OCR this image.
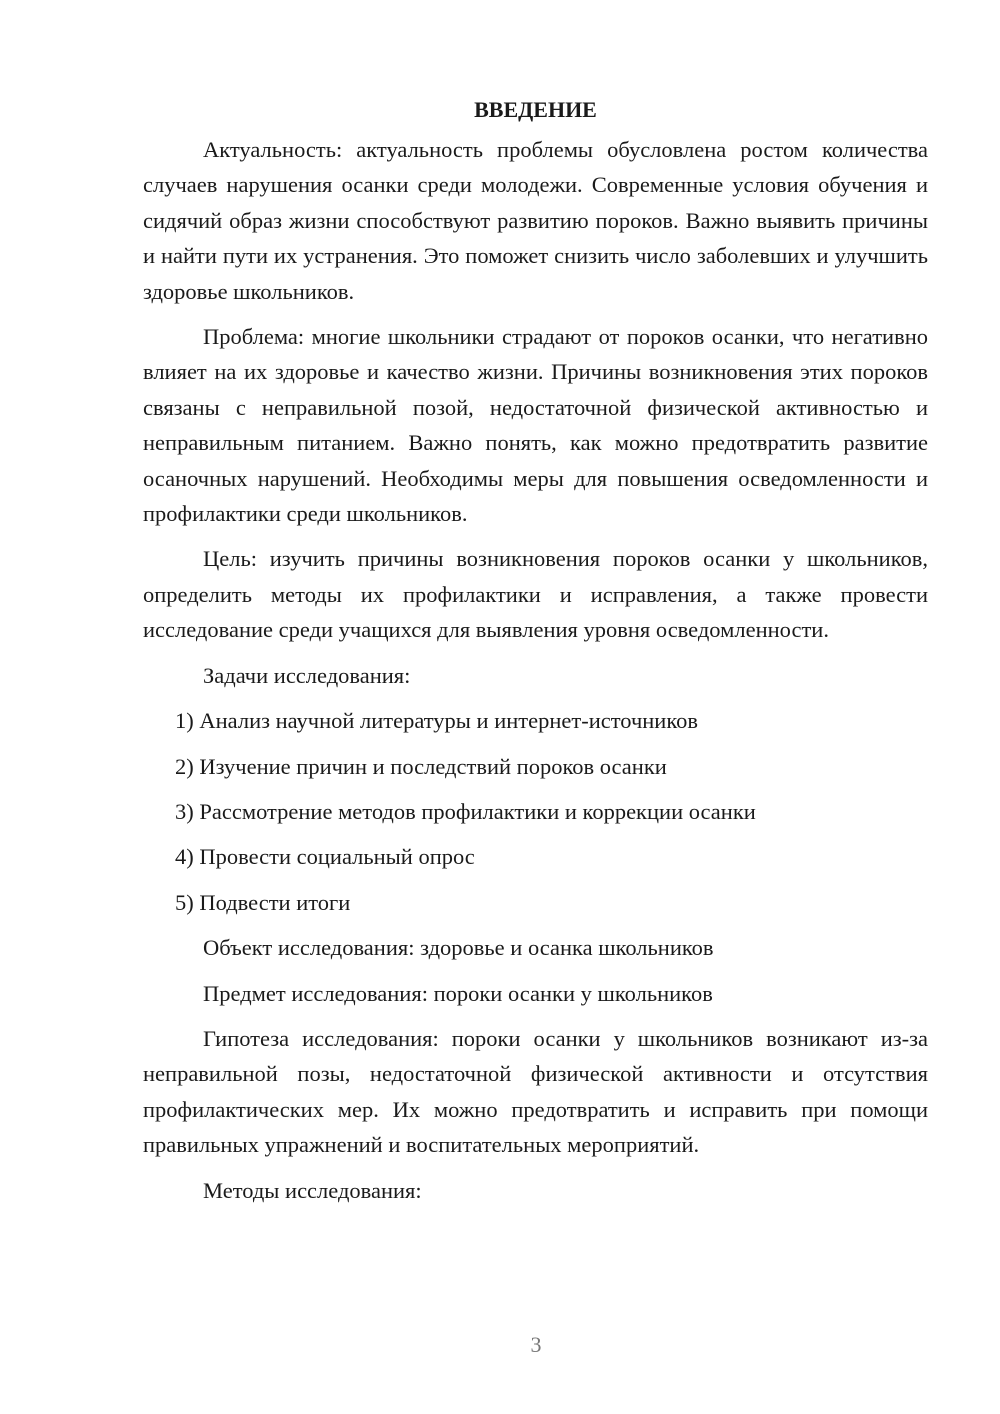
ВВЕДЕНИЕ

Актуальность: актуальность проблемы обусловлена ростом количества случаев нарушения осанки среди молодежи. Современные условия обучения и сидячий образ жизни способствуют развитию пороков. Важно выявить причины и найти пути их устранения. Это поможет снизить число заболевших и улучшить здоровье школьников.

Проблема: многие школьники страдают от пороков осанки, что негативно влияет на их здоровье и качество жизни. Причины возникновения этих пороков связаны с неправильной позой, недостаточной физической активностью и неправильным питанием. Важно понять, как можно предотвратить развитие осаночных нарушений. Необходимы меры для повышения осведомленности и профилактики среди школьников.

Цель: изучить причины возникновения пороков осанки у школьников, определить методы их профилактики и исправления, а также провести исследование среди учащихся для выявления уровня осведомленности.

Задачи исследования:

1) Анализ научной литературы и интернет-источников

2) Изучение причин и последствий пороков осанки

3) Рассмотрение методов профилактики и коррекции осанки

4) Провести социальный опрос

5) Подвести итоги

Объект исследования: здоровье и осанка школьников

Предмет исследования: пороки осанки у школьников

Гипотеза исследования: пороки осанки у школьников возникают из-за неправильной позы, недостаточной физической активности и отсутствия профилактических мер. Их можно предотвратить и исправить при помощи правильных упражнений и воспитательных мероприятий.

Методы исследования:

3
